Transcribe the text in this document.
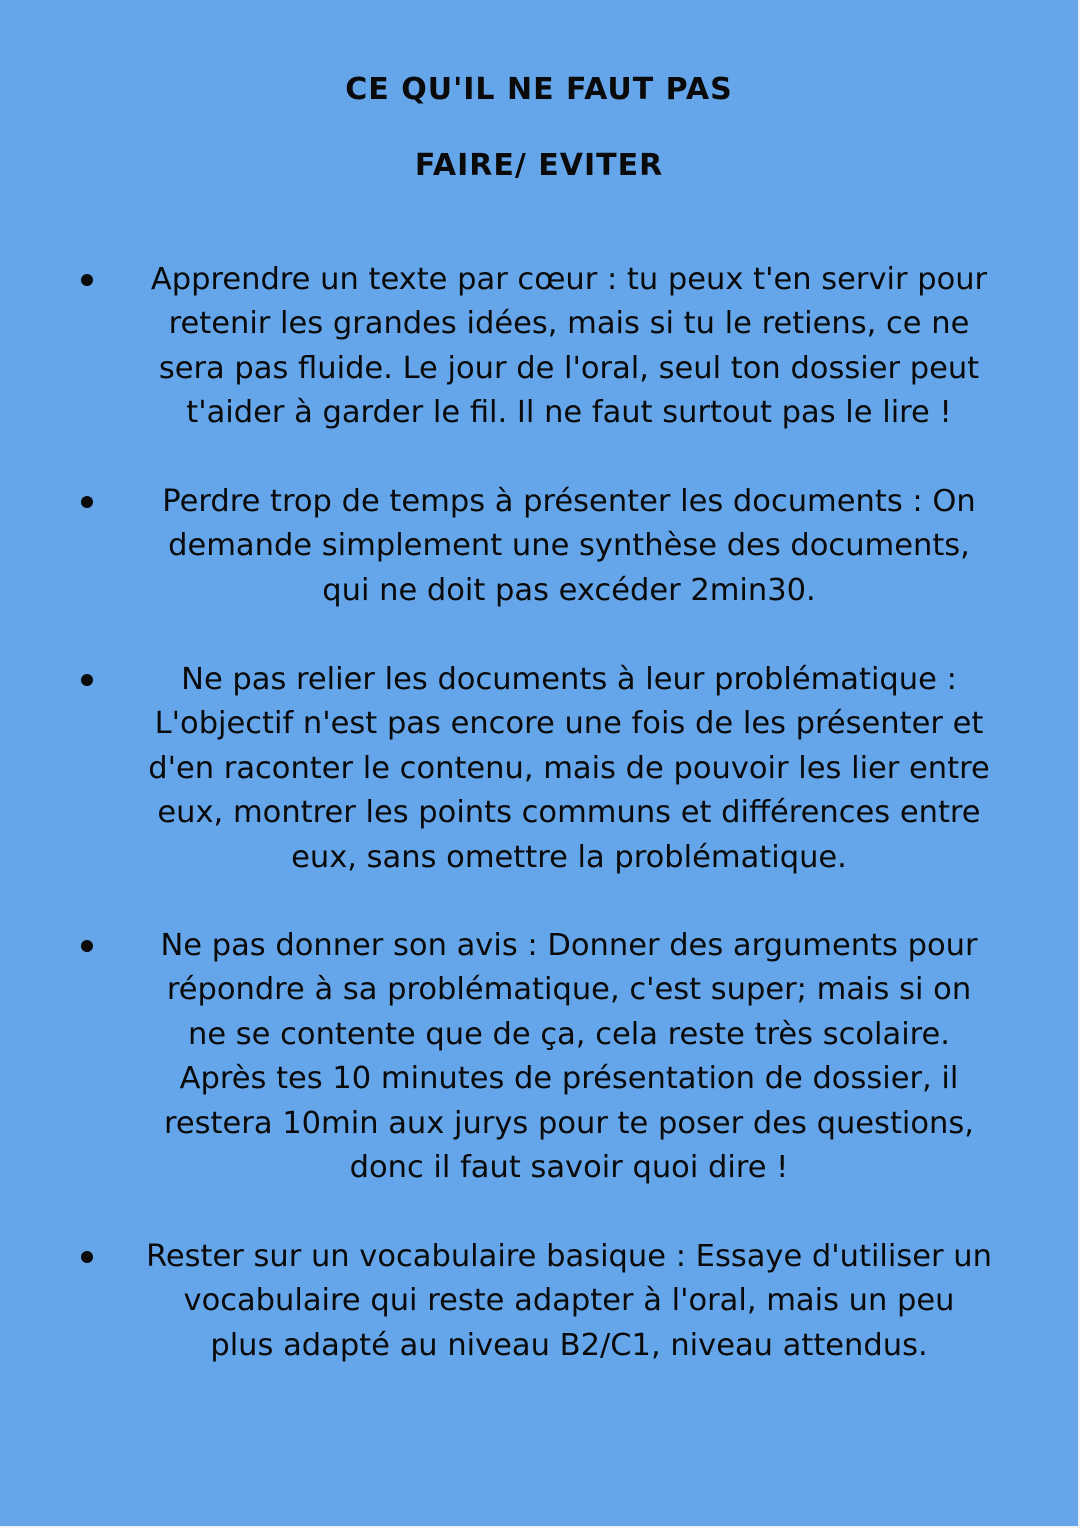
CE QU'IL NE FAUT PAS
FAIRE/ EVITER
Apprendre un texte par cœur : tu peux t'en servir pour
retenir les grandes idées, mais si tu le retiens, ce ne
sera pas fluide. Le jour de l'oral, seul ton dossier peut
t'aider à garder le fil. Il ne faut surtout pas le lire !
Perdre trop de temps à présenter les documents : On
demande simplement une synthèse des documents,
qui ne doit pas excéder 2min30.
Ne pas relier les documents à leur problématique :
L'objectif n'est pas encore une fois de les présenter et
d'en raconter le contenu, mais de pouvoir les lier entre
eux, montrer les points communs et différences entre
eux, sans omettre la problématique.
Ne pas donner son avis : Donner des arguments pour
répondre à sa problématique, c'est super; mais si on
ne se contente que de ça, cela reste très scolaire.
Après tes 10 minutes de présentation de dossier, il
restera 10min aux jurys pour te poser des questions,
donc il faut savoir quoi dire !
Rester sur un vocabulaire basique : Essaye d'utiliser un
vocabulaire qui reste adapter à l'oral, mais un peu
plus adapté au niveau B2/C1, niveau attendus.
